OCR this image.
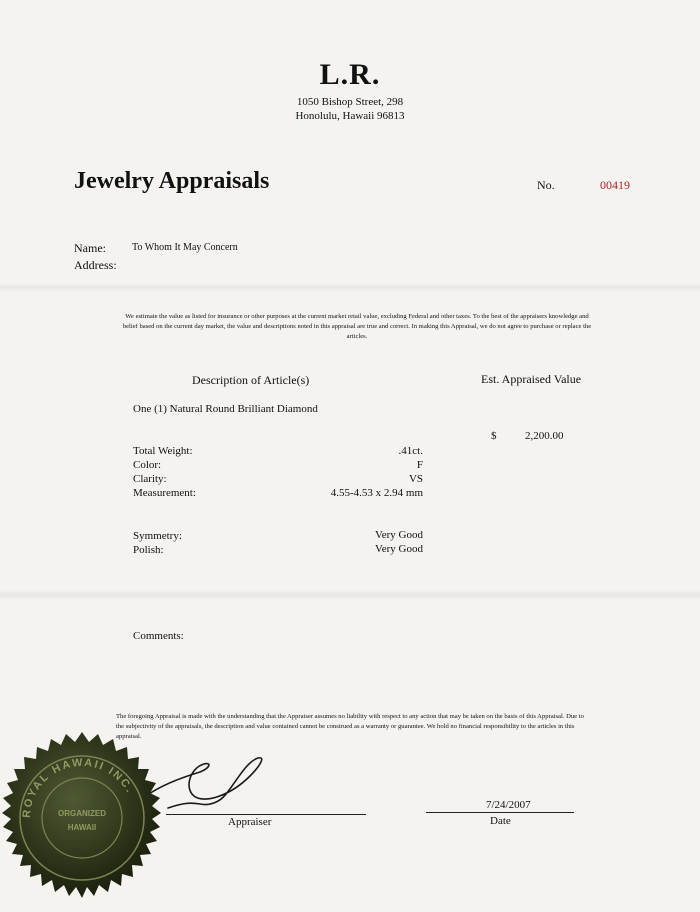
L.R.
1050 Bishop Street, 298
Honolulu, Hawaii 96813
Jewelry Appraisals	No.	00419
Name:	To Whom It May Concern
Address:
We estimate the value as listed for insurance or other purposes at the current market retail value, excluding Federal and other taxes. To the best of the appraisers knowledge and belief based on the current day market, the value and descriptions noted in this appraisal are true and correct. In making this Appraisal, we do not agree to purchase or replace the articles.
Description of Article(s)	Est. Appraised Value
One (1) Natural Round Brilliant Diamond
$	2,200.00
Total Weight:	.41ct.
Color:	F
Clarity:	VS
Measurement:	4.55-4.53 x 2.94 mm
Symmetry:	Very Good
Polish:	Very Good
Comments:
The foregoing Appraisal is made with the understanding that the Appraiser assumes no liability with respect to any action that may be taken on the basis of this Appraisal. Due to the subjectivity of the appraisals, the description and value contained cannot be construed as a warranty or guarantee. We hold no financial responsibility to the articles in this appraisal.
Appraiser
7/24/2007
Date
ROYAL HAWAII INC.
ORGANIZED
HAWAII
